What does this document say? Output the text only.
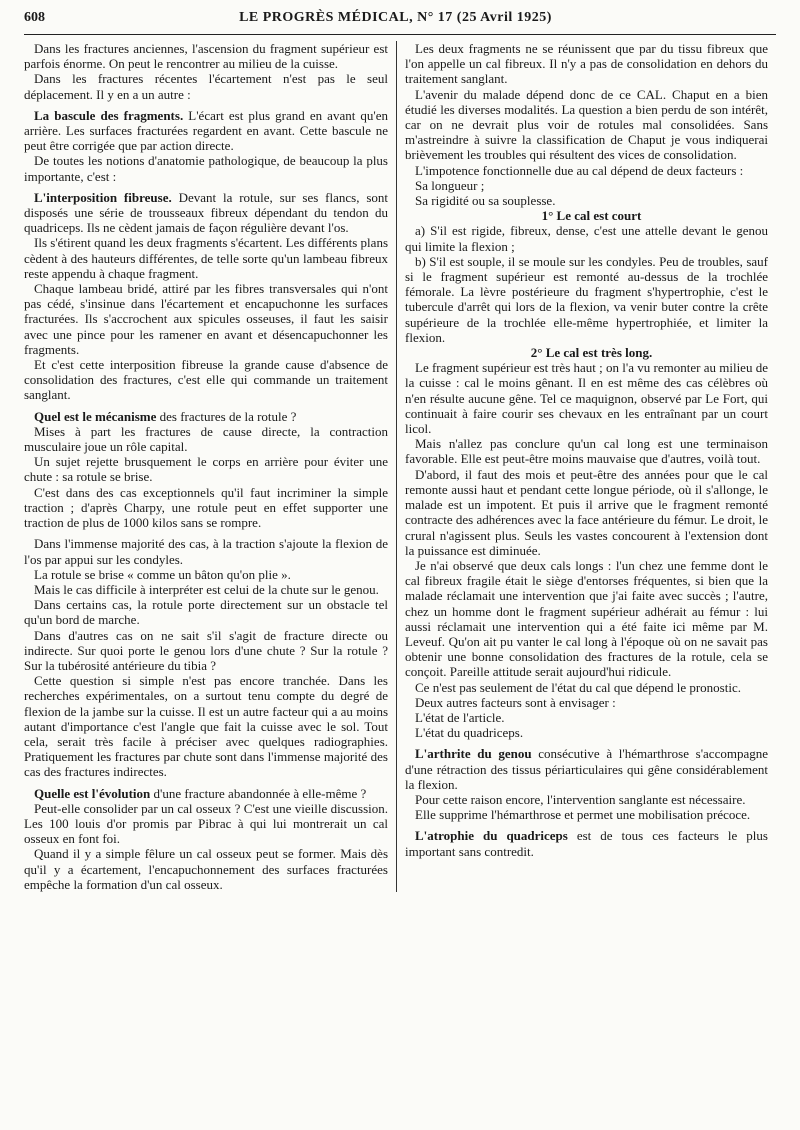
608	LE PROGRÈS MÉDICAL, N° 17 (25 Avril 1925)

Dans les fractures anciennes, l'ascension du fragment supérieur est parfois énorme. On peut le rencontrer au milieu de la cuisse.

Dans les fractures récentes l'écartement n'est pas le seul déplacement. Il y en a un autre :

La bascule des fragments. L'écart est plus grand en avant qu'en arrière. Les surfaces fracturées regardent en avant. Cette bascule ne peut être corrigée que par action directe.

De toutes les notions d'anatomie pathologique, de beaucoup la plus importante, c'est :

L'interposition fibreuse. Devant la rotule, sur ses flancs, sont disposés une série de trousseaux fibreux dépendant du tendon du quadriceps. Ils ne cèdent jamais de façon régulière devant l'os.

Ils s'étirent quand les deux fragments s'écartent. Les différents plans cèdent à des hauteurs différentes, de telle sorte qu'un lambeau fibreux reste appendu à chaque fragment.

Chaque lambeau bridé, attiré par les fibres transversales qui n'ont pas cédé, s'insinue dans l'écartement et encapuchonne les surfaces fracturées. Ils s'accrochent aux spicules osseuses, il faut les saisir avec une pince pour les ramener en avant et désencapuchonner les fragments.

Et c'est cette interposition fibreuse la grande cause d'absence de consolidation des fractures, c'est elle qui commande un traitement sanglant.

Quel est le mécanisme des fractures de la rotule ?

Mises à part les fractures de cause directe, la contraction musculaire joue un rôle capital.

Un sujet rejette brusquement le corps en arrière pour éviter une chute : sa rotule se brise.

C'est dans des cas exceptionnels qu'il faut incriminer la simple traction ; d'après Charpy, une rotule peut en effet supporter une traction de plus de 1000 kilos sans se rompre.

Dans l'immense majorité des cas, à la traction s'ajoute la flexion de l'os par appui sur les condyles.

La rotule se brise « comme un bâton qu'on plie ».

Mais le cas difficile à interpréter est celui de la chute sur le genou.

Dans certains cas, la rotule porte directement sur un obstacle tel qu'un bord de marche.

Dans d'autres cas on ne sait s'il s'agit de fracture directe ou indirecte. Sur quoi porte le genou lors d'une chute ? Sur la rotule ? Sur la tubérosité antérieure du tibia ?

Cette question si simple n'est pas encore tranchée. Dans les recherches expérimentales, on a surtout tenu compte du degré de flexion de la jambe sur la cuisse. Il est un autre facteur qui a au moins autant d'importance c'est l'angle que fait la cuisse avec le sol. Tout cela, serait très facile à préciser avec quelques radiographies. Pratiquement les fractures par chute sont dans l'immense majorité des cas des fractures indirectes.

Quelle est l'évolution d'une fracture abandonnée à elle-même ?

Peut-elle consolider par un cal osseux ? C'est une vieille discussion. Les 100 louis d'or promis par Pibrac à qui lui montrerait un cal osseux en font foi.

Quand il y a simple fêlure un cal osseux peut se former. Mais dès qu'il y a écartement, l'encapuchonnement des surfaces fracturées empêche la formation d'un cal osseux.

Les deux fragments ne se réunissent que par du tissu fibreux que l'on appelle un cal fibreux. Il n'y a pas de consolidation en dehors du traitement sanglant.

L'avenir du malade dépend donc de ce CAL. Chaput en a bien étudié les diverses modalités. La question a bien perdu de son intérêt, car on ne devrait plus voir de rotules mal consolidées. Sans m'astreindre à suivre la classification de Chaput je vous indiquerai brièvement les troubles qui résultent des vices de consolidation.

L'impotence fonctionnelle due au cal dépend de deux facteurs :

Sa longueur ;

Sa rigidité ou sa souplesse.

1° Le cal est court

a) S'il est rigide, fibreux, dense, c'est une attelle devant le genou qui limite la flexion ;

b) S'il est souple, il se moule sur les condyles. Peu de troubles, sauf si le fragment supérieur est remonté au-dessus de la trochlée fémorale. La lèvre postérieure du fragment s'hypertrophie, c'est le tubercule d'arrêt qui lors de la flexion, va venir buter contre la crête supérieure de la trochlée elle-même hypertrophiée, et limiter la flexion.

2° Le cal est très long.

Le fragment supérieur est très haut ; on l'a vu remonter au milieu de la cuisse : cal le moins gênant. Il en est même des cas célèbres où n'en résulte aucune gêne. Tel ce maquignon, observé par Le Fort, qui continuait à faire courir ses chevaux en les entraînant par un court licol.

Mais n'allez pas conclure qu'un cal long est une terminaison favorable. Elle est peut-être moins mauvaise que d'autres, voilà tout.

D'abord, il faut des mois et peut-être des années pour que le cal remonte aussi haut et pendant cette longue période, où il s'allonge, le malade est un impotent. Et puis il arrive que le fragment remonté contracte des adhérences avec la face antérieure du fémur. Le droit, le crural n'agissent plus. Seuls les vastes concourent à l'extension dont la puissance est diminuée.

Je n'ai observé que deux cals longs : l'un chez une femme dont le cal fibreux fragile était le siège d'entorses fréquentes, si bien que la malade réclamait une intervention que j'ai faite avec succès ; l'autre, chez un homme dont le fragment supérieur adhérait au fémur : lui aussi réclamait une intervention qui a été faite ici même par M. Leveuf. Qu'on ait pu vanter le cal long à l'époque où on ne savait pas obtenir une bonne consolidation des fractures de la rotule, cela se conçoit. Pareille attitude serait aujourd'hui ridicule.

Ce n'est pas seulement de l'état du cal que dépend le pronostic.

Deux autres facteurs sont à envisager :

L'état de l'article.

L'état du quadriceps.

L'arthrite du genou consécutive à l'hémarthrose s'accompagne d'une rétraction des tissus périarticulaires qui gêne considérablement la flexion.

Pour cette raison encore, l'intervention sanglante est nécessaire.

Elle supprime l'hémarthrose et permet une mobilisation précoce.

L'atrophie du quadriceps est de tous ces facteurs le plus important sans contredit.
